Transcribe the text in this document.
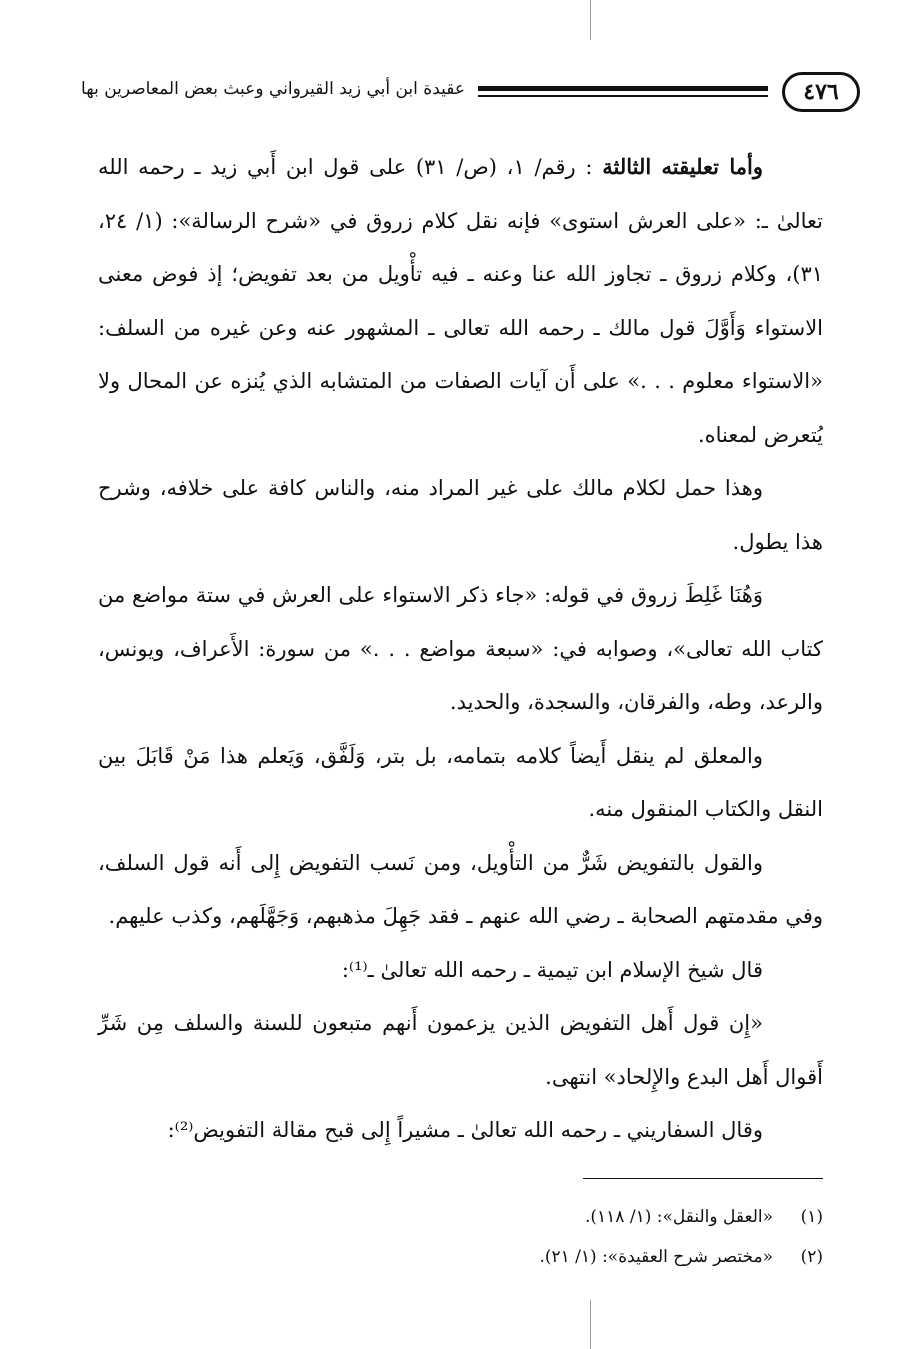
٤٧٦
عقيدة ابن أبي زيد القيرواني وعبث بعض المعاصرين بها

وأما تعليقته الثالثة : رقم/ ١، (ص/ ٣١) على قول ابن أَبي زيد ـ رحمه الله تعالىٰ ـ: «على العرش استوى» فإنه نقل كلام زروق في «شرح الرسالة»: (١/ ٢٤، ٣١)، وكلام زروق ـ تجاوز الله عنا وعنه ـ فيه تأْويل من بعد تفويض؛ إذ فوض معنى الاستواء وَأَوَّلَ قول مالك ـ رحمه الله تعالى ـ المشهور عنه وعن غيره من السلف: «الاستواء معلوم . . .» على أَن آيات الصفات من المتشابه الذي يُنزه عن المحال ولا يُتعرض لمعناه.

وهذا حمل لكلام مالك على غير المراد منه، والناس كافة على خلافه، وشرح هذا يطول.

وَهُنَا غَلِطَ زروق في قوله: «جاء ذكر الاستواء على العرش في ستة مواضع من كتاب الله تعالى»، وصوابه في: «سبعة مواضع . . .» من سورة: الأَعراف، ويونس، والرعد، وطه، والفرقان، والسجدة، والحديد.

والمعلق لم ينقل أَيضاً كلامه بتمامه، بل بتر، وَلَفَّق، وَيَعلم هذا مَنْ قَابَلَ بين النقل والكتاب المنقول منه.

والقول بالتفويض شَرٌّ من التأْويل، ومن نَسب التفويض إِلى أَنه قول السلف، وفي مقدمتهم الصحابة ـ رضي الله عنهم ـ فقد جَهِلَ مذهبهم، وَجَهَّلَهم، وكذب عليهم.

قال شيخ الإسلام ابن تيمية ـ رحمه الله تعالىٰ ـ⁽¹⁾:

«إِن قول أَهل التفويض الذين يزعمون أَنهم متبعون للسنة والسلف مِن شَرِّ أَقوال أَهل البدع والإِلحاد» انتهى.

وقال السفاريني ـ رحمه الله تعالىٰ ـ مشيراً إِلى قبح مقالة التفويض⁽²⁾:

(١)
«العقل والنقل»: (١/ ١١٨).
(٢)
«مختصر شرح العقيدة»: (١/ ٢١).
